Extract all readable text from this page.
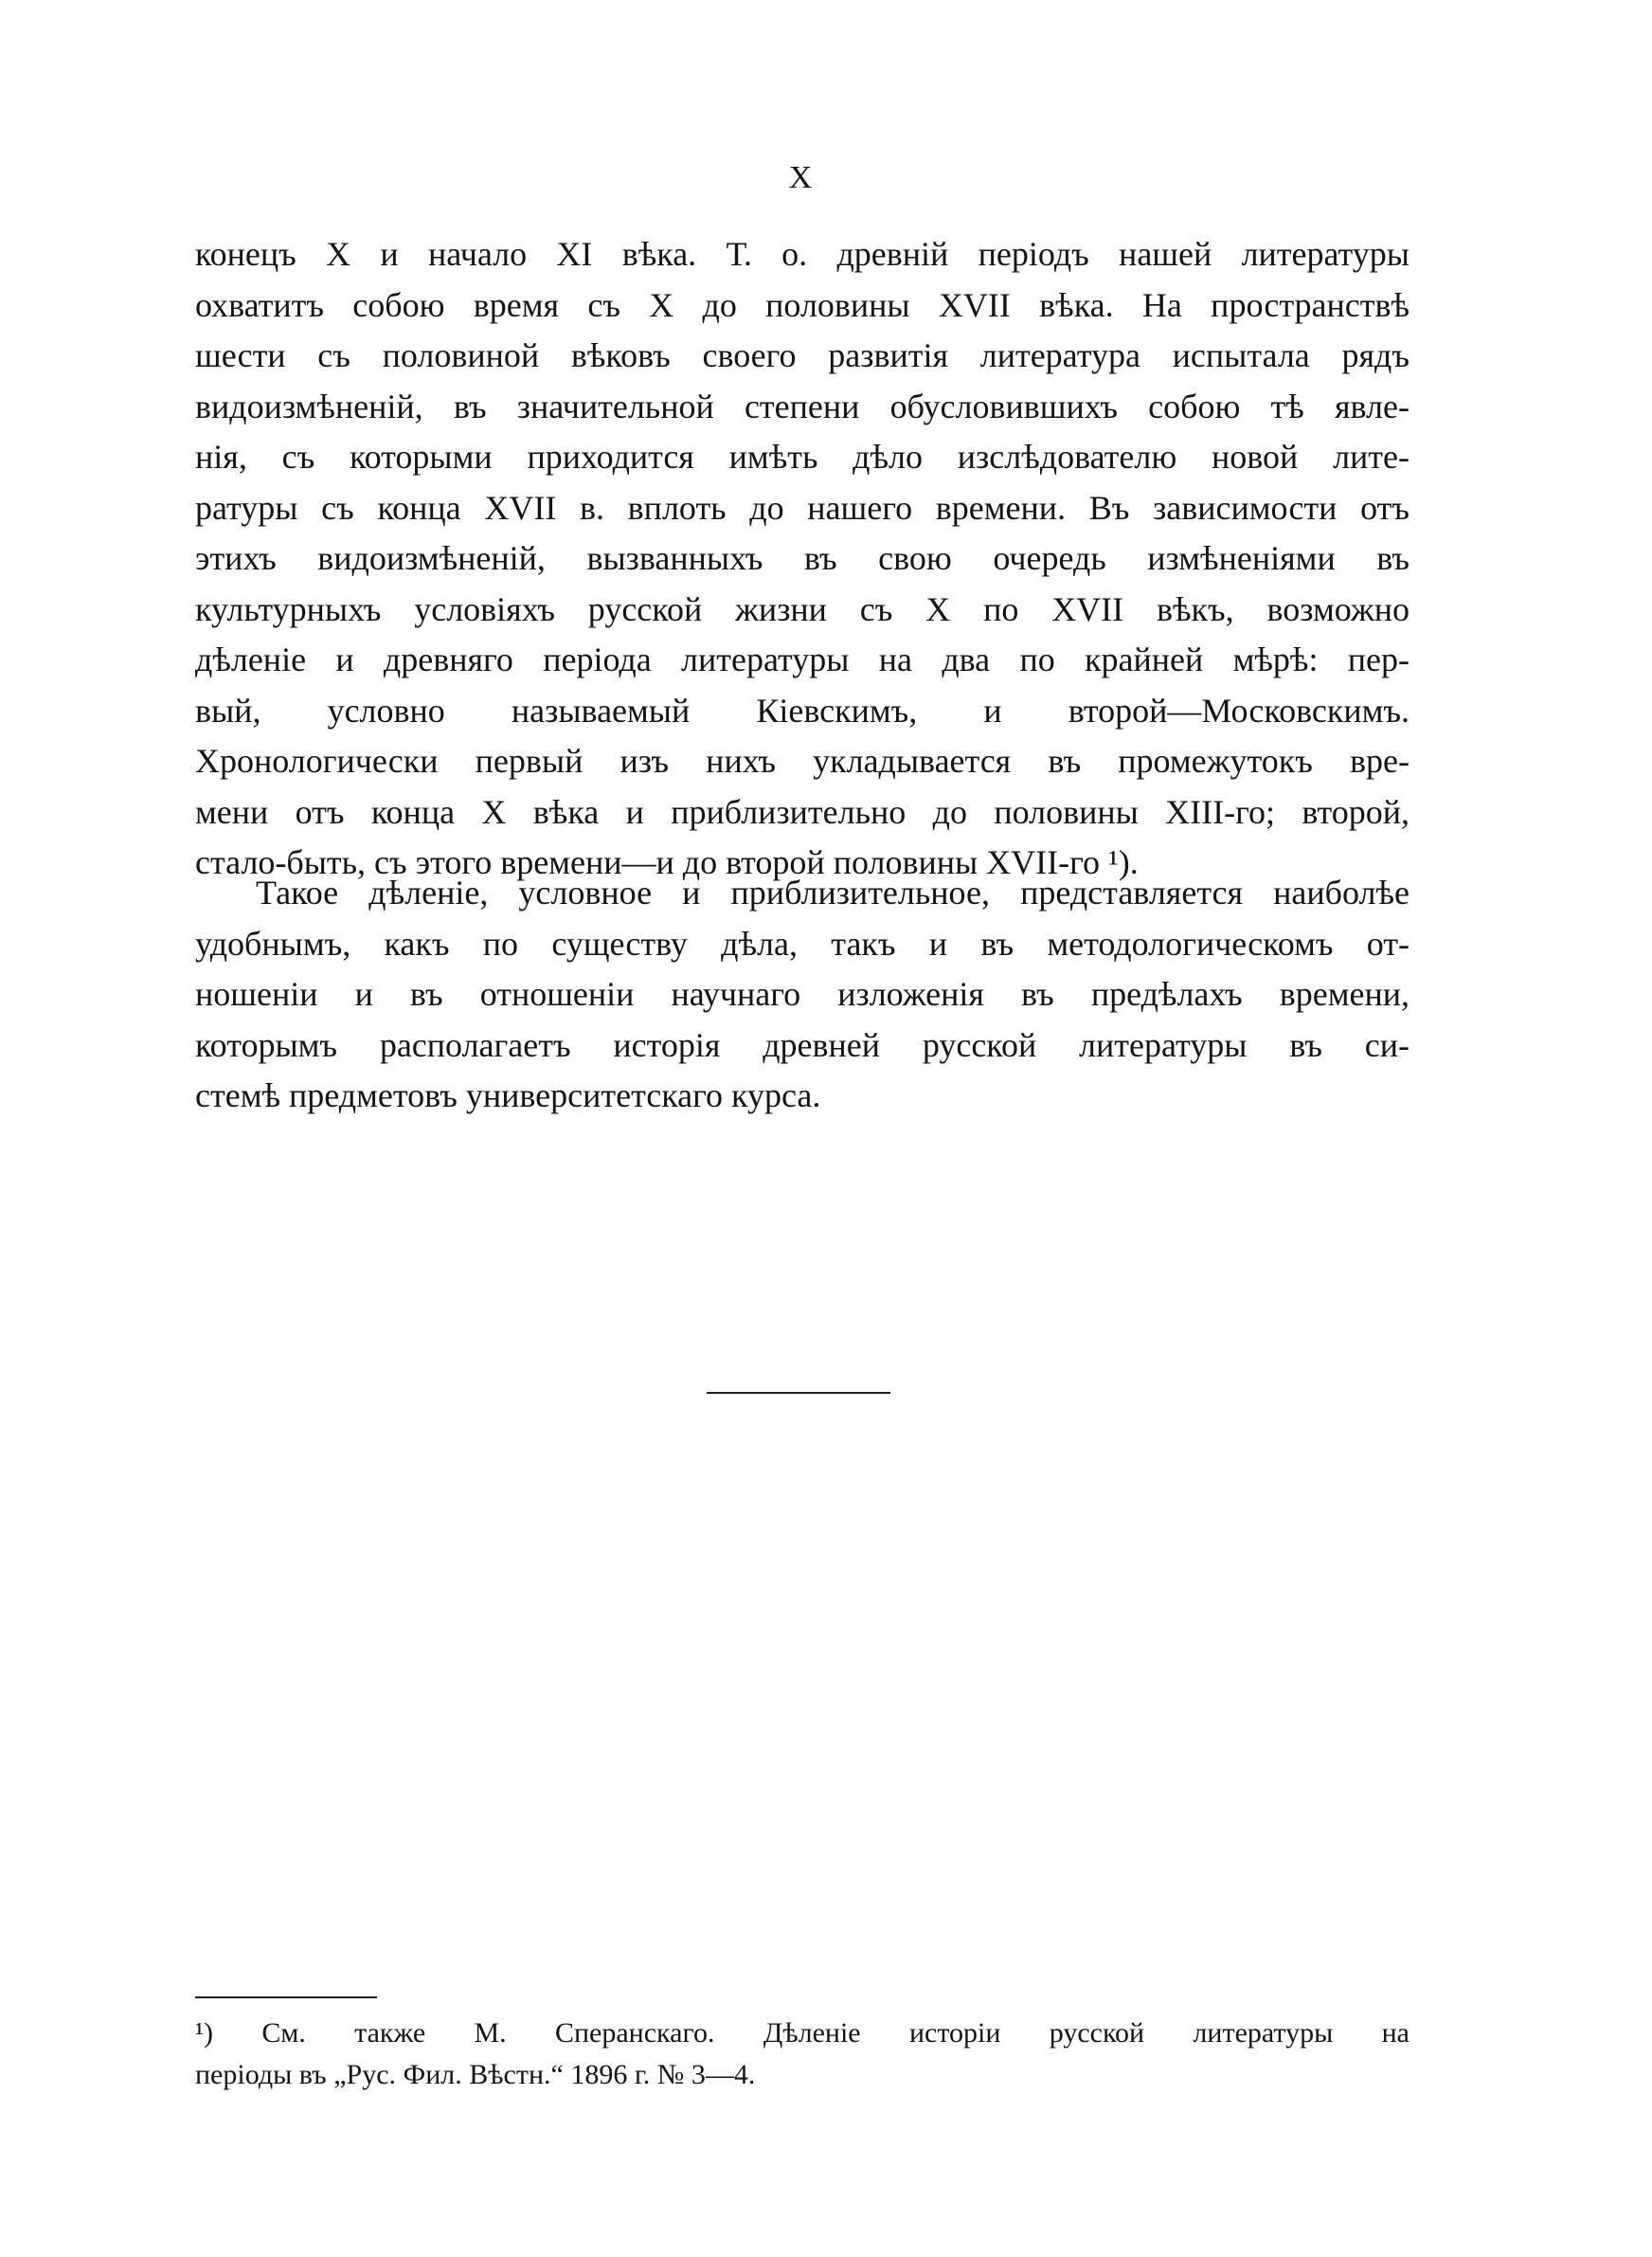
X
конецъ X и начало XI вѣка. Т. о. древній періодъ нашей литературы
охватитъ собою время съ X до половины XVII вѣка. На пространствѣ
шести съ половиной вѣковъ своего развитія литература испытала рядъ
видоизмѣненій, въ значительной степени обусловившихъ собою тѣ явле-
нія, съ которыми приходится имѣть дѣло изслѣдователю новой лите-
ратуры съ конца XVII в. вплоть до нашего времени. Въ зависимости отъ
этихъ видоизмѣненій, вызванныхъ въ свою очередь измѣненіями въ
культурныхъ условіяхъ русской жизни съ X по XVII вѣкъ, возможно
дѣленіе и древняго періода литературы на два по крайней мѣрѣ: пер-
вый, условно называемый Кіевскимъ, и второй—Московскимъ.
Хронологически первый изъ нихъ укладывается въ промежутокъ вре-
мени отъ конца X вѣка и приблизительно до половины XIII-го; второй,
стало-быть, съ этого времени—и до второй половины XVII-го ¹).
Такое дѣленіе, условное и приблизительное, представляется наиболѣе
удобнымъ, какъ по существу дѣла, такъ и въ методологическомъ от-
ношеніи и въ отношеніи научнаго изложенія въ предѣлахъ времени,
которымъ располагаетъ исторія древней русской литературы въ си-
стемѣ предметовъ университетскаго курса.
¹) См. также М. Сперанскаго. Дѣленіе исторіи русской литературы на
періоды въ „Рус. Фил. Вѣстн.“ 1896 г. № 3—4.
